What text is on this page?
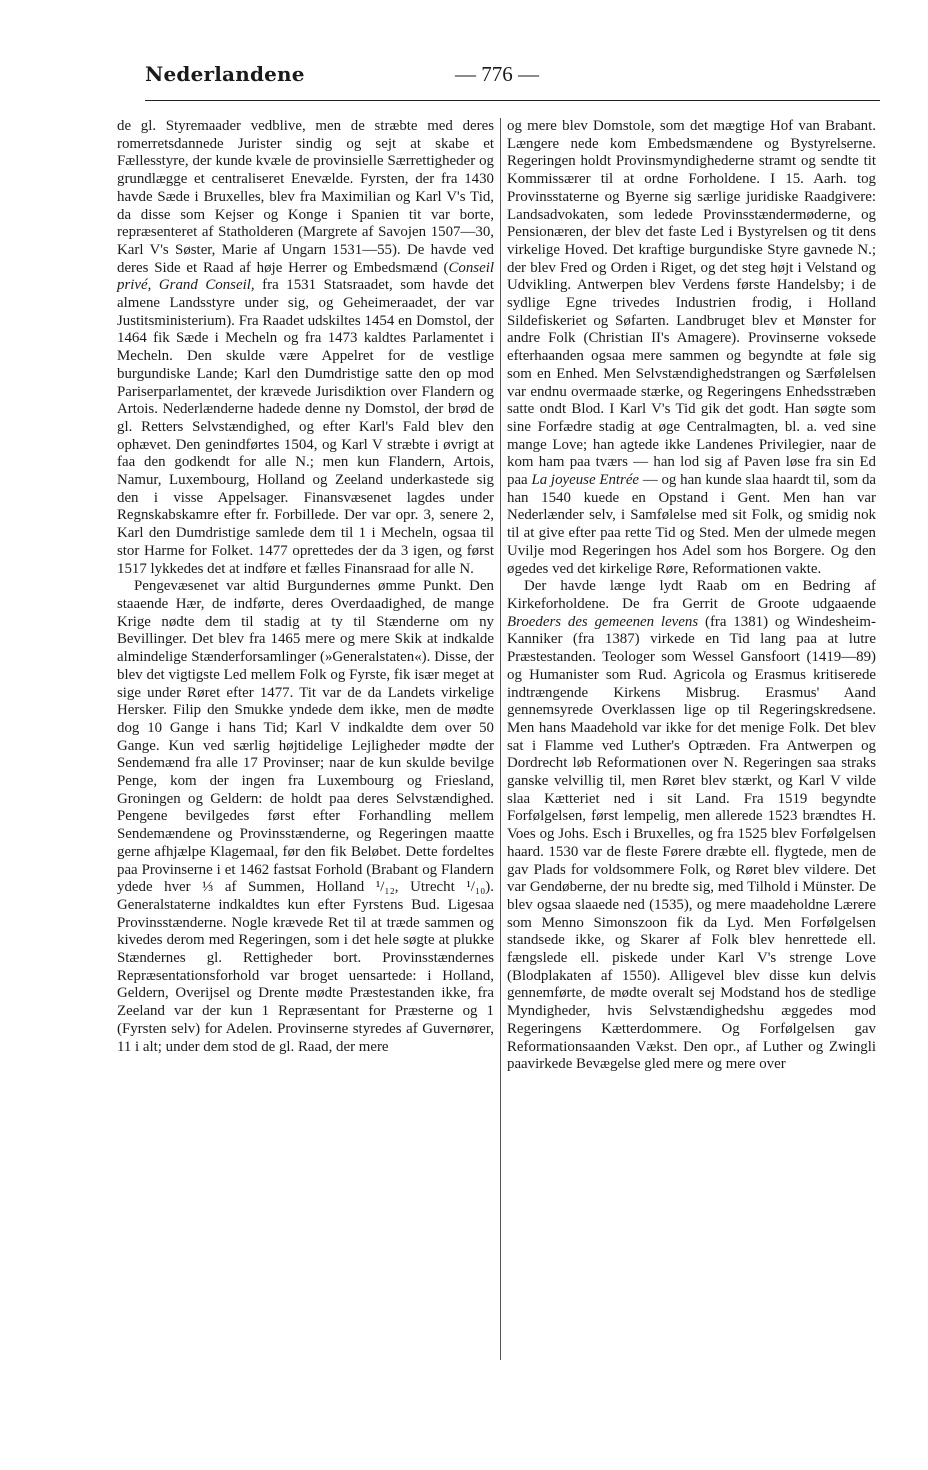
Nederlandene	— 776 —

de gl. Styremaader vedblive, men de stræbte med deres romerretsdannede Jurister sindig og sejt at skabe et Fællesstyre, der kunde kvæle de provinsielle Særrettigheder og grundlægge et centraliseret Enevælde. Fyrsten, der fra 1430 havde Sæde i Bruxelles, blev fra Maximilian og Karl V's Tid, da disse som Kejser og Konge i Spanien tit var borte, repræsenteret af Statholderen (Margrete af Savojen 1507—30, Karl V's Søster, Marie af Ungarn 1531—55). De havde ved deres Side et Raad af høje Herrer og Embedsmænd (Conseil privé, Grand Conseil, fra 1531 Statsraadet, som havde det almene Landsstyre under sig, og Geheimeraadet, der var Justitsministerium). Fra Raadet udskiltes 1454 en Domstol, der 1464 fik Sæde i Mecheln og fra 1473 kaldtes Parlamentet i Mecheln. Den skulde være Appelret for de vestlige burgundiske Lande; Karl den Dumdristige satte den op mod Pariserparlamentet, der krævede Jurisdiktion over Flandern og Artois. Nederlænderne hadede denne ny Domstol, der brød de gl. Retters Selvstændighed, og efter Karl's Fald blev den ophævet. Den genindførtes 1504, og Karl V stræbte i øvrigt at faa den godkendt for alle N.; men kun Flandern, Artois, Namur, Luxembourg, Holland og Zeeland underkastede sig den i visse Appelsager. Finansvæsenet lagdes under Regnskabskamre efter fr. Forbillede. Der var opr. 3, senere 2, Karl den Dumdristige samlede dem til 1 i Mecheln, ogsaa til stor Harme for Folket. 1477 oprettedes der da 3 igen, og først 1517 lykkedes det at indføre et fælles Finansraad for alle N.

Pengevæsenet var altid Burgundernes ømme Punkt. Den staaende Hær, de indførte, deres Overdaadighed, de mange Krige nødte dem til stadig at ty til Stænderne om ny Bevillinger. Det blev fra 1465 mere og mere Skik at indkalde almindelige Stænderforsamlinger (»Generalstaten«). Disse, der blev det vigtigste Led mellem Folk og Fyrste, fik især meget at sige under Røret efter 1477. Tit var de da Landets virkelige Hersker. Filip den Smukke yndede dem ikke, men de mødte dog 10 Gange i hans Tid; Karl V indkaldte dem over 50 Gange. Kun ved særlig højtidelige Lejligheder mødte der Sendemænd fra alle 17 Provinser; naar de kun skulde bevilge Penge, kom der ingen fra Luxembourg og Friesland, Groningen og Geldern: de holdt paa deres Selvstændighed. Pengene bevilgedes først efter Forhandling mellem Sendemændene og Provinsstænderne, og Regeringen maatte gerne afhjælpe Klagemaal, før den fik Beløbet. Dette fordeltes paa Provinserne i et 1462 fastsat Forhold (Brabant og Flandern ydede hver ⅓ af Summen, Holland ¹/₁₂, Utrecht ¹/₁₀). Generalstaterne indkaldtes kun efter Fyrstens Bud. Ligesaa Provinsstænderne. Nogle krævede Ret til at træde sammen og kivedes derom med Regeringen, som i det hele søgte at plukke Stændernes gl. Rettigheder bort. Provinsstændernes Repræsentationsforhold var broget uensartede: i Holland, Geldern, Overijsel og Drente mødte Præstestanden ikke, fra Zeeland var der kun 1 Repræsentant for Præsterne og 1 (Fyrsten selv) for Adelen. Provinserne styredes af Guvernører, 11 i alt; under dem stod de gl. Raad, der mere

og mere blev Domstole, som det mægtige Hof van Brabant. Længere nede kom Embedsmændene og Bystyrelserne. Regeringen holdt Provinsmyndighederne stramt og sendte tit Kommissærer til at ordne Forholdene. I 15. Aarh. tog Provinsstaterne og Byerne sig særlige juridiske Raadgivere: Landsadvokaten, som ledede Provinsstændermøderne, og Pensionæren, der blev det faste Led i Bystyrelsen og tit dens virkelige Hoved. Det kraftige burgundiske Styre gavnede N.; der blev Fred og Orden i Riget, og det steg højt i Velstand og Udvikling. Antwerpen blev Verdens første Handelsby; i de sydlige Egne trivedes Industrien frodig, i Holland Sildefiskeriet og Søfarten. Landbruget blev et Mønster for andre Folk (Christian II's Amagere). Provinserne voksede efterhaanden ogsaa mere sammen og begyndte at føle sig som en Enhed. Men Selvstændighedstrangen og Særfølelsen var endnu overmaade stærke, og Regeringens Enhedsstræben satte ondt Blod. I Karl V's Tid gik det godt. Han søgte som sine Forfædre stadig at øge Centralmagten, bl. a. ved sine mange Love; han agtede ikke Landenes Privilegier, naar de kom ham paa tværs — han lod sig af Paven løse fra sin Ed paa La joyeuse Entrée — og han kunde slaa haardt til, som da han 1540 kuede en Opstand i Gent. Men han var Nederlænder selv, i Samfølelse med sit Folk, og smidig nok til at give efter paa rette Tid og Sted. Men der ulmede megen Uvilje mod Regeringen hos Adel som hos Borgere. Og den øgedes ved det kirkelige Røre, Reformationen vakte.

Der havde længe lydt Raab om en Bedring af Kirkeforholdene. De fra Gerrit de Groote udgaaende Broeders des gemeenen levens (fra 1381) og Windesheim-Kanniker (fra 1387) virkede en Tid lang paa at lutre Præstestanden. Teologer som Wessel Gansfoort (1419—89) og Humanister som Rud. Agricola og Erasmus kritiserede indtrængende Kirkens Misbrug. Erasmus' Aand gennemsyrede Overklassen lige op til Regeringskredsene. Men hans Maadehold var ikke for det menige Folk. Det blev sat i Flamme ved Luther's Optræden. Fra Antwerpen og Dordrecht løb Reformationen over N. Regeringen saa straks ganske velvillig til, men Røret blev stærkt, og Karl V vilde slaa Kætteriet ned i sit Land. Fra 1519 begyndte Forfølgelsen, først lempelig, men allerede 1523 brændtes H. Voes og Johs. Esch i Bruxelles, og fra 1525 blev Forfølgelsen haard. 1530 var de fleste Førere dræbte ell. flygtede, men de gav Plads for voldsommere Folk, og Røret blev vildere. Det var Gendøberne, der nu bredte sig, med Tilhold i Münster. De blev ogsaa slaaede ned (1535), og mere maadeholdne Lærere som Menno Simonszoon fik da Lyd. Men Forfølgelsen standsede ikke, og Skarer af Folk blev henrettede ell. fængslede ell. piskede under Karl V's strenge Love (Blodplakaten af 1550). Alligevel blev disse kun delvis gennemførte, de mødte overalt sej Modstand hos de stedlige Myndigheder, hvis Selvstændighedshu æggedes mod Regeringens Kætterdommere. Og Forfølgelsen gav Reformationsaanden Vækst. Den opr., af Luther og Zwingli paavirkede Bevægelse gled mere og mere over
